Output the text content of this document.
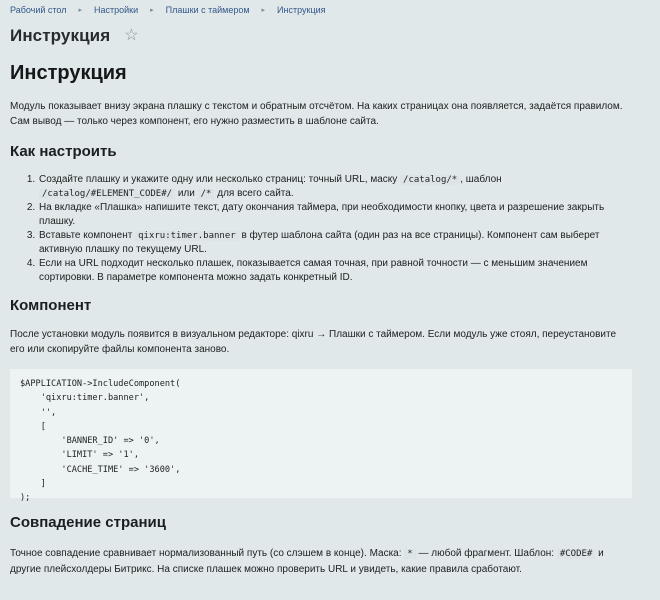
Рабочий стол ▸ Настройки ▸ Плашки с таймером ▸ Инструкция
Инструкция ☆
Инструкция

Модуль показывает внизу экрана плашку с текстом и обратным отсчётом. На каких страницах она появляется, задаётся правилом. Сам вывод — только через компонент, его нужно разместить в шаблоне сайта.

Как настроить
1. Создайте плашку и укажите одну или несколько страниц: точный URL, маску /catalog/* , шаблон /catalog/#ELEMENT_CODE#/ или /* для всего сайта.
2. На вкладке «Плашка» напишите текст, дату окончания таймера, при необходимости кнопку, цвета и разрешение закрыть плашку.
3. Вставьте компонент qixru:timer.banner в футер шаблона сайта (один раз на все страницы). Компонент сам выберет активную плашку по текущему URL.
4. Если на URL подходит несколько плашек, показывается самая точная, при равной точности — с меньшим значением сортировки. В параметре компонента можно задать конкретный ID.
Компонент

После установки модуль появится в визуальном редакторе: qixru → Плашки с таймером. Если модуль уже стоял, переустановите его или скопируйте файлы компонента заново.

$APPLICATION->IncludeComponent(
'qixru:timer.banner',
'',
[
'BANNER_ID' => '0',
'LIMIT' => '1',
'CACHE_TIME' => '3600',
]
);
Совпадение страниц

Точное совпадение сравнивает нормализованный путь (со слэшем в конце). Маска: * — любой фрагмент. Шаблон: #CODE# и другие плейсхолдеры Битрикс. На списке плашек можно проверить URL и увидеть, какие правила сработают.
